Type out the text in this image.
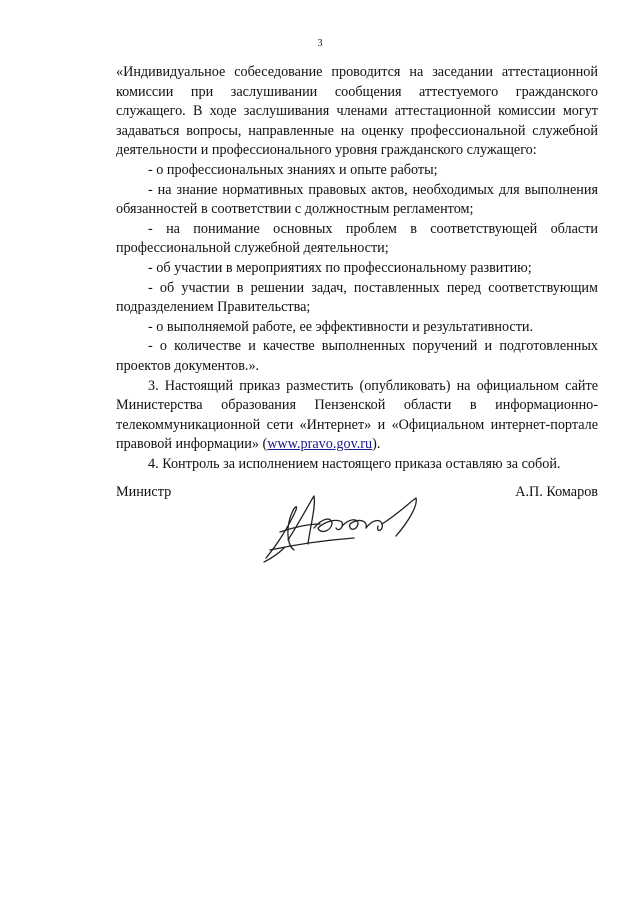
3

«Индивидуальное собеседование проводится на заседании аттестационной комиссии при заслушивании сообщения аттестуемого гражданского служащего. В ходе заслушивания членами аттестационной комиссии могут задаваться вопросы, направленные на оценку профессиональной служебной деятельности и профессионального уровня гражданского служащего:

- о профессиональных знаниях и опыте работы;

- на знание нормативных правовых актов, необходимых для выполнения обязанностей в соответствии с должностным регламентом;

- на понимание основных проблем в соответствующей области профессиональной служебной деятельности;

- об участии в мероприятиях по профессиональному развитию;

- об участии в решении задач, поставленных перед соответствующим подразделением Правительства;

- о выполняемой работе, ее эффективности и результативности.

- о количестве и качестве выполненных поручений и подготовленных проектов документов.».

3. Настоящий приказ разместить (опубликовать) на официальном сайте Министерства образования Пензенской области в информационно-телекоммуникационной сети «Интернет» и «Официальном интернет-портале правовой информации» (www.pravo.gov.ru).

4. Контроль за исполнением настоящего приказа оставляю за собой.

Министр	А.П. Комаров
